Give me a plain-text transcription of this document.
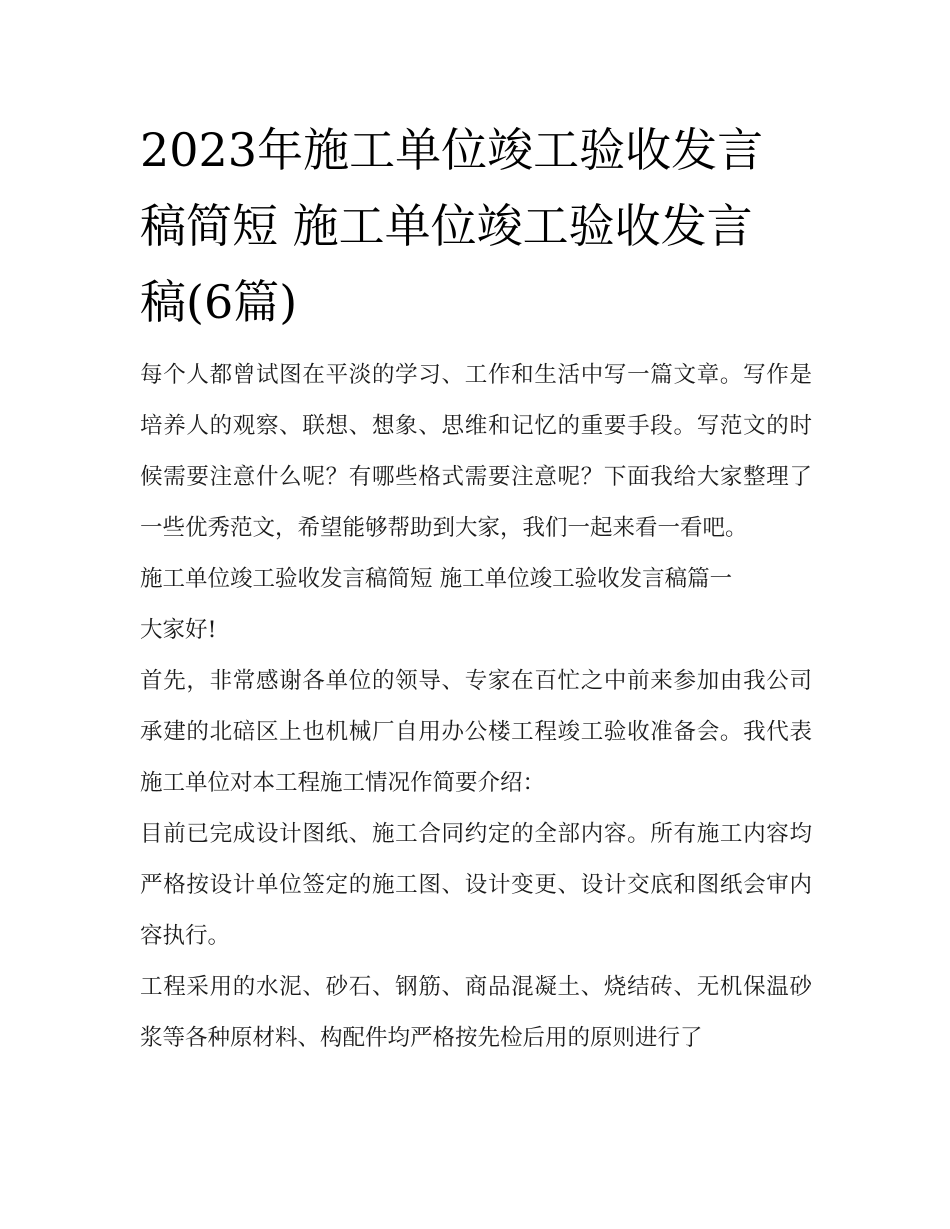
2023年施工单位竣工验收发言
稿简短 施工单位竣工验收发言
稿(6篇)

每个人都曾试图在平淡的学习、工作和生活中写一篇文章。写作是培养人的观察、联想、想象、思维和记忆的重要手段。写范文的时候需要注意什么呢？有哪些格式需要注意呢？下面我给大家整理了一些优秀范文，希望能够帮助到大家，我们一起来看一看吧。

施工单位竣工验收发言稿简短 施工单位竣工验收发言稿篇一

大家好!

首先，非常感谢各单位的领导、专家在百忙之中前来参加由我公司承建的北碚区上也机械厂自用办公楼工程竣工验收准备会。我代表施工单位对本工程施工情况作简要介绍：

目前已完成设计图纸、施工合同约定的全部内容。所有施工内容均严格按设计单位签定的施工图、设计变更、设计交底和图纸会审内容执行。

工程采用的水泥、砂石、钢筋、商品混凝土、烧结砖、无机保温砂浆等各种原材料、构配件均严格按先检后用的原则进行了
